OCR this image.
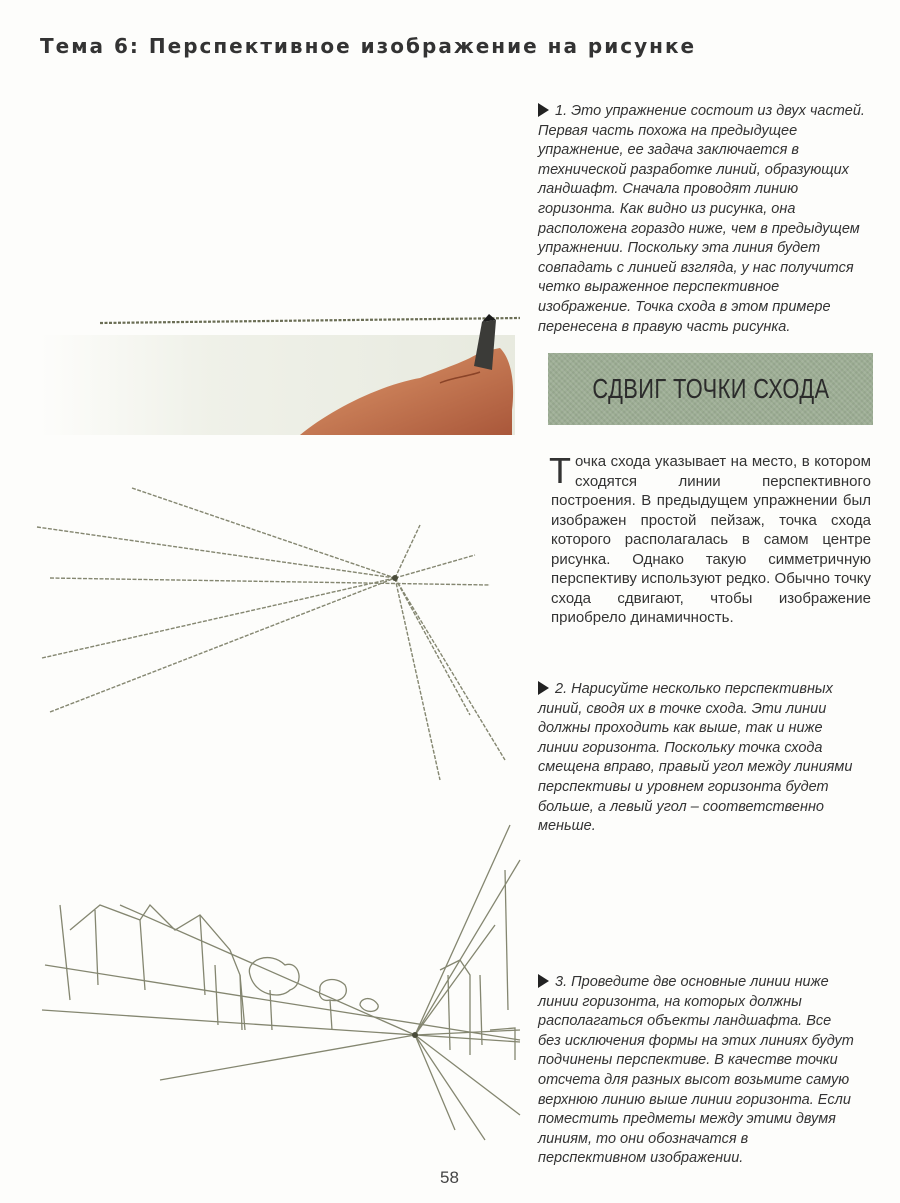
Тема 6: Перспективное изображение на рисунке
1. Это упражнение состоит из двух частей. Первая часть похожа на предыдущее упражнение, ее задача заключается в технической разработке линий, образующих ландшафт. Сначала проводят линию горизонта. Как видно из рисунка, она расположена гораздо ниже, чем в предыдущем упражнении. Поскольку эта линия будет совпадать с линией взгляда, у нас получится четко выраженное перспективное изображение. Точка схода в этом примере перенесена в правую часть рисунка.
СДВИГ ТОЧКИ СХОДА
Точка схода указывает на место, в котором сходятся линии перспективного построения. В предыдущем упражнении был изображен простой пейзаж, точка схода которого располагалась в самом центре рисунка. Однако такую симметричную перспективу используют редко. Обычно точку схода сдвигают, чтобы изображение приобрело динамичность.
2. Нарисуйте несколько перспективных линий, сводя их в точке схода. Эти линии должны проходить как выше, так и ниже линии горизонта. Поскольку точка схода смещена вправо, правый угол между линиями перспективы и уровнем горизонта будет больше, а левый угол – соответственно меньше.
3. Проведите две основные линии ниже линии горизонта, на которых должны располагаться объекты ландшафта. Все без исключения формы на этих линиях будут подчинены перспективе. В качестве точки отсчета для разных высот возьмите самую верхнюю линию выше линии горизонта. Если поместить предметы между этими двумя линиям, то они обозначатся в перспективном изображении.
58
